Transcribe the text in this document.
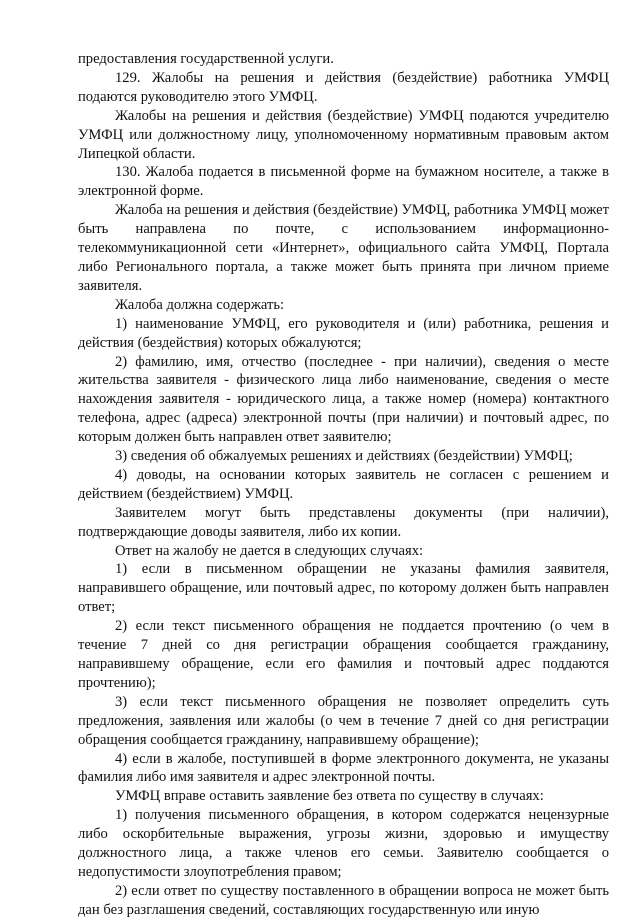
предоставления государственной услуги.

129. Жалобы на решения и действия (бездействие) работника УМФЦ подаются руководителю этого УМФЦ.

Жалобы на решения и действия (бездействие) УМФЦ подаются учредителю УМФЦ или должностному лицу, уполномоченному нормативным правовым актом Липецкой области.

130. Жалоба подается в письменной форме на бумажном носителе, а также в электронной форме.

Жалоба на решения и действия (бездействие) УМФЦ, работника УМФЦ может быть направлена по почте, с использованием информационно-телекоммуникационной сети «Интернет», официального сайта УМФЦ, Портала либо Регионального портала, а также может быть принята при личном приеме заявителя.

Жалоба должна содержать:

1) наименование УМФЦ, его руководителя и (или) работника, решения и действия (бездействия) которых обжалуются;

2) фамилию, имя, отчество (последнее - при наличии), сведения о месте жительства заявителя - физического лица либо наименование, сведения о месте нахождения заявителя - юридического лица, а также номер (номера) контактного телефона, адрес (адреса) электронной почты (при наличии) и почтовый адрес, по которым должен быть направлен ответ заявителю;

3) сведения об обжалуемых решениях и действиях (бездействии) УМФЦ;

4) доводы, на основании которых заявитель не согласен с решением и действием (бездействием) УМФЦ.

Заявителем могут быть представлены документы (при наличии), подтверждающие доводы заявителя, либо их копии.

Ответ на жалобу не дается в следующих случаях:

1) если в письменном обращении не указаны фамилия заявителя, направившего обращение, или почтовый адрес, по которому должен быть направлен ответ;

2) если текст письменного обращения не поддается прочтению (о чем в течение 7 дней со дня регистрации обращения сообщается гражданину, направившему обращение, если его фамилия и почтовый адрес поддаются прочтению);

3) если текст письменного обращения не позволяет определить суть предложения, заявления или жалобы (о чем в течение 7 дней со дня регистрации обращения сообщается гражданину, направившему обращение);

4) если в жалобе, поступившей в форме электронного документа, не указаны фамилия либо имя заявителя и адрес электронной почты.

УМФЦ вправе оставить заявление без ответа по существу в случаях:

1) получения письменного обращения, в котором содержатся нецензурные либо оскорбительные выражения, угрозы жизни, здоровью и имуществу должностного лица, а также членов его семьи. Заявителю сообщается о недопустимости злоупотребления правом;

2) если ответ по существу поставленного в обращении вопроса не может быть дан без разглашения сведений, составляющих государственную или иную
